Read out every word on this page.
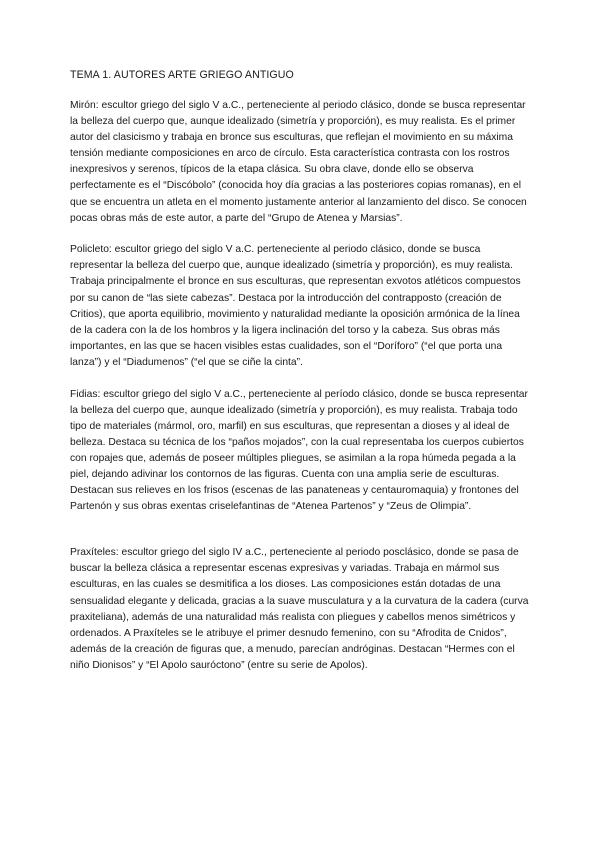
TEMA 1. AUTORES ARTE GRIEGO ANTIGUO

Mirón: escultor griego del siglo V a.C., perteneciente al periodo clásico, donde se busca representar la belleza del cuerpo que, aunque idealizado (simetría y proporción), es muy realista. Es el primer autor del clasicismo y trabaja en bronce sus esculturas, que reflejan el movimiento en su máxima tensión mediante composiciones en arco de círculo. Esta característica contrasta con los rostros inexpresivos y serenos, típicos de la etapa clásica. Su obra clave, donde ello se observa perfectamente es el “Discóbolo” (conocida hoy día gracias a las posteriores copias romanas), en el que se encuentra un atleta en el momento justamente anterior al lanzamiento del disco. Se conocen pocas obras más de este autor, a parte del “Grupo de Atenea y Marsias”.

Policleto: escultor griego del siglo V a.C. perteneciente al periodo clásico, donde se busca representar la belleza del cuerpo que, aunque idealizado (simetría y proporción), es muy realista. Trabaja principalmente el bronce en sus esculturas, que representan exvotos atléticos compuestos por su canon de “las siete cabezas”. Destaca por la introducción del contrapposto (creación de Critios), que aporta equilibrio, movimiento y naturalidad mediante la oposición armónica de la línea de la cadera con la de los hombros y la ligera inclinación del torso y la cabeza. Sus obras más importantes, en las que se hacen visibles estas cualidades, son el “Doríforo” (“el que porta una lanza”) y el “Diadumenos” (“el que se ciñe la cinta”.

Fidias: escultor griego del siglo V a.C., perteneciente al período clásico, donde se busca representar la belleza del cuerpo que, aunque idealizado (simetría y proporción), es muy realista. Trabaja todo tipo de materiales (mármol, oro, marfil) en sus esculturas, que representan a dioses y al ideal de belleza. Destaca su técnica de los “paños mojados”, con la cual representaba los cuerpos cubiertos con ropajes que, además de poseer múltiples pliegues, se asimilan a la ropa húmeda pegada a la piel, dejando adivinar los contornos de las figuras. Cuenta con una amplia serie de esculturas. Destacan sus relieves en los frisos (escenas de las panateneas y centauromaquia) y frontones del Partenón y sus obras exentas criselefantinas de “Atenea Partenos” y “Zeus de Olimpia”.

Praxíteles: escultor griego del siglo IV a.C., perteneciente al periodo posclásico, donde se pasa de buscar la belleza clásica a representar escenas expresivas y variadas. Trabaja en mármol sus esculturas, en las cuales se desmitifica a los dioses. Las composiciones están dotadas de una sensualidad elegante y delicada, gracias a la suave musculatura y a la curvatura de la cadera (curva praxiteliana), además de una naturalidad más realista con pliegues y cabellos menos simétricos y ordenados. A Praxíteles se le atribuye el primer desnudo femenino, con su “Afrodita de Cnidos”, además de la creación de figuras que, a menudo, parecían andróginas. Destacan “Hermes con el niño Dionisos” y “El Apolo sauróctono” (entre su serie de Apolos).
